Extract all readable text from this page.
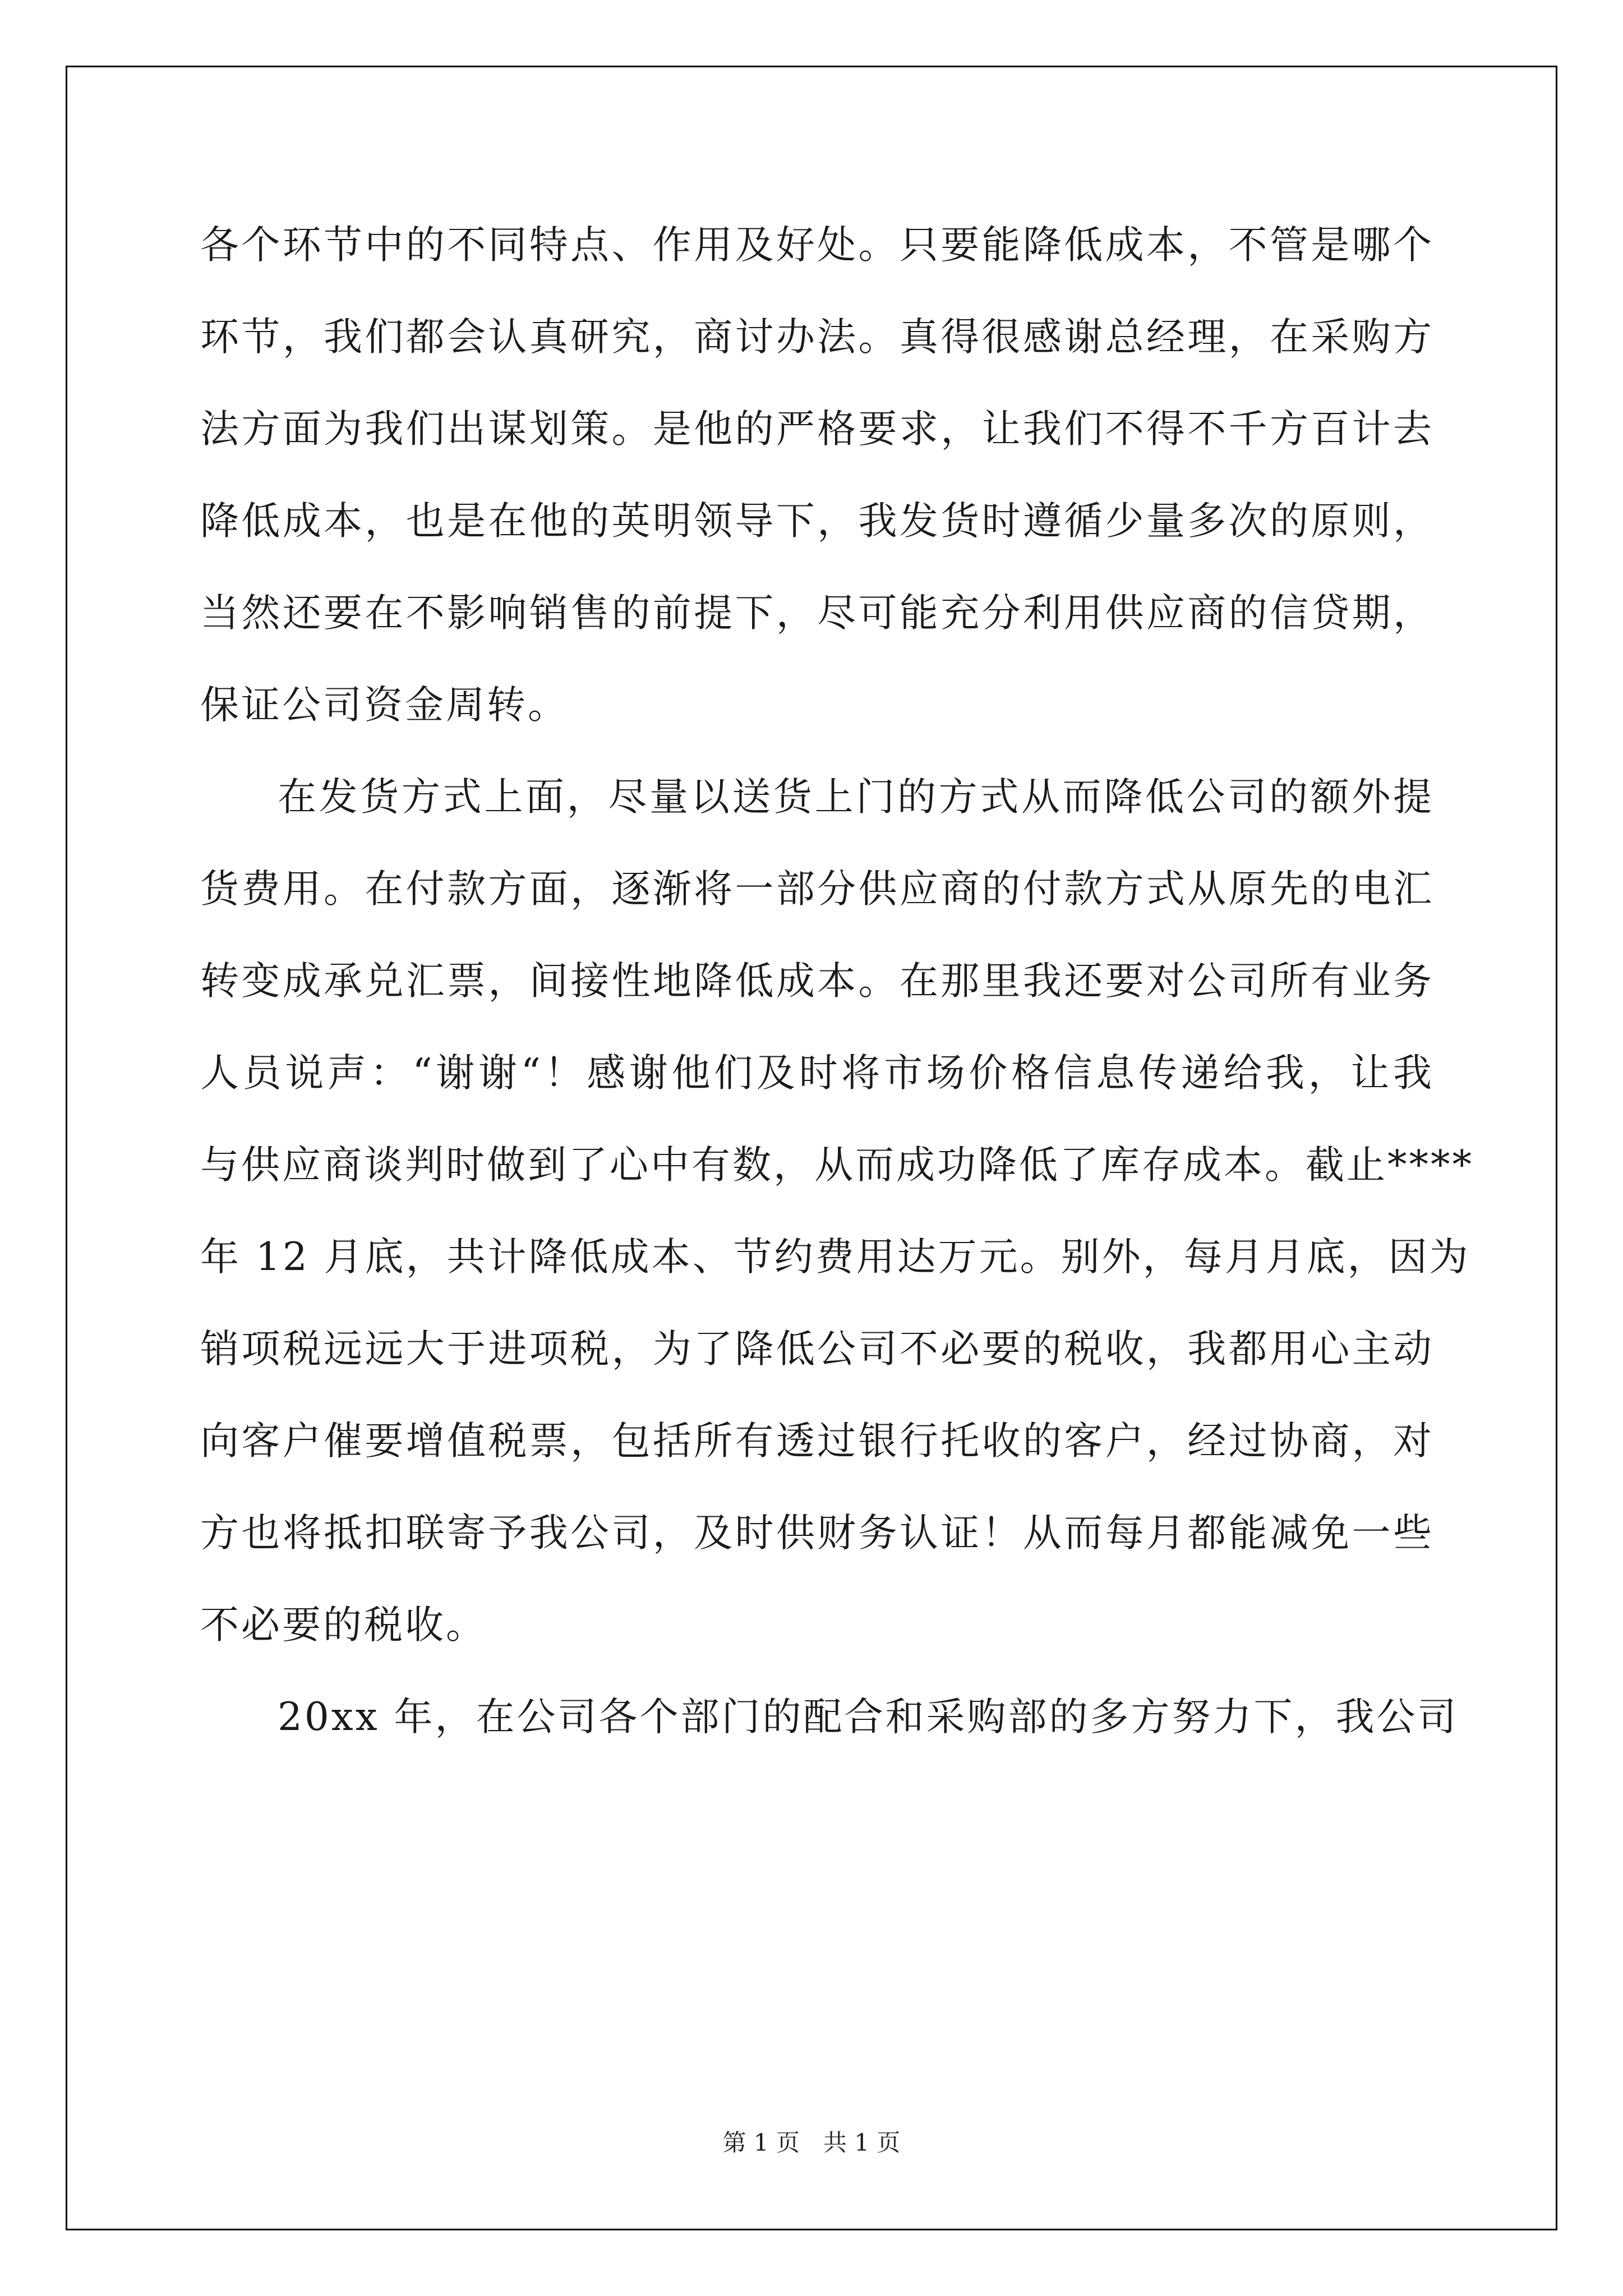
各个环节中的不同特点、作用及好处。只要能降低成本，不管是哪个
环节，我们都会认真研究，商讨办法。真得很感谢总经理，在采购方
法方面为我们出谋划策。是他的严格要求，让我们不得不千方百计去
降低成本，也是在他的英明领导下，我发货时遵循少量多次的原则，
当然还要在不影响销售的前提下，尽可能充分利用供应商的信贷期，
保证公司资金周转。
在发货方式上面，尽量以送货上门的方式从而降低公司的额外提
货费用。在付款方面，逐渐将一部分供应商的付款方式从原先的电汇
转变成承兑汇票，间接性地降低成本。在那里我还要对公司所有业务
人员说声：“谢谢“！感谢他们及时将市场价格信息传递给我，让我
与供应商谈判时做到了心中有数，从而成功降低了库存成本。截止****
年 12 月底，共计降低成本、节约费用达万元。别外，每月月底，因为
销项税远远大于进项税，为了降低公司不必要的税收，我都用心主动
向客户催要增值税票，包括所有透过银行托收的客户，经过协商，对
方也将抵扣联寄予我公司，及时供财务认证！从而每月都能减免一些
不必要的税收。
20xx 年，在公司各个部门的配合和采购部的多方努力下，我公司
第 1 页　共 1 页
